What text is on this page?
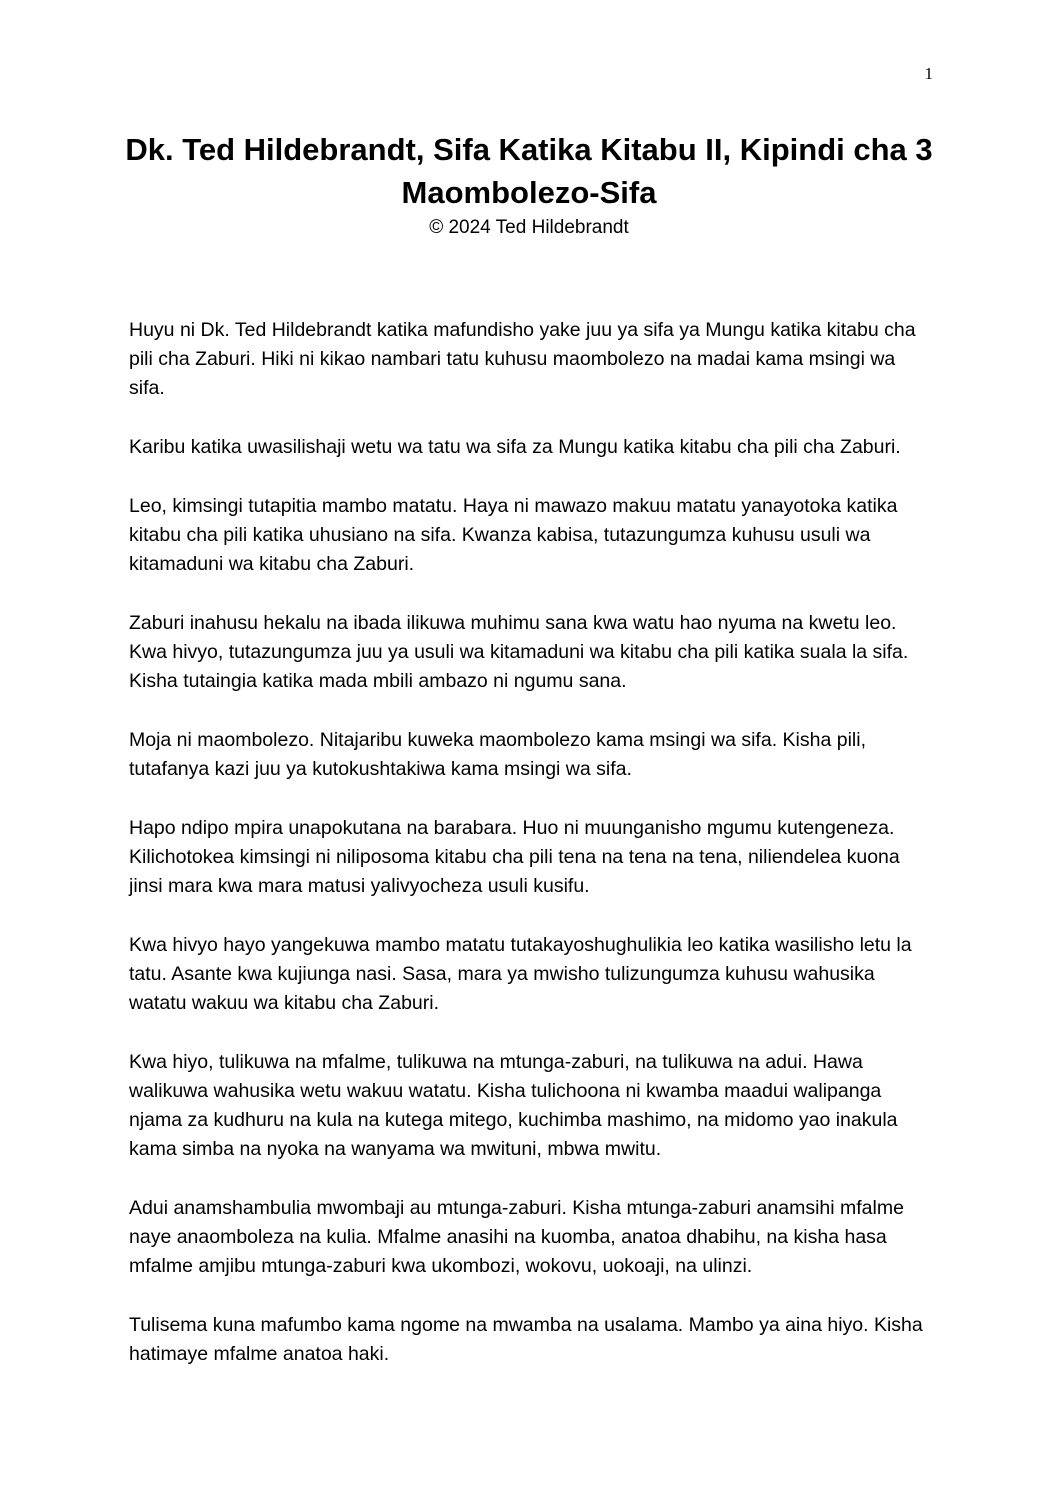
1
Dk. Ted Hildebrandt, Sifa Katika Kitabu II, Kipindi cha 3
Maombolezo-Sifa

© 2024 Ted Hildebrandt

Huyu ni Dk. Ted Hildebrandt katika mafundisho yake juu ya sifa ya Mungu katika kitabu cha pili cha Zaburi. Hiki ni kikao nambari tatu kuhusu maombolezo na madai kama msingi wa sifa.

Karibu katika uwasilishaji wetu wa tatu wa sifa za Mungu katika kitabu cha pili cha Zaburi.

Leo, kimsingi tutapitia mambo matatu. Haya ni mawazo makuu matatu yanayotoka katika kitabu cha pili katika uhusiano na sifa. Kwanza kabisa, tutazungumza kuhusu usuli wa kitamaduni wa kitabu cha Zaburi.

Zaburi inahusu hekalu na ibada ilikuwa muhimu sana kwa watu hao nyuma na kwetu leo. Kwa hivyo, tutazungumza juu ya usuli wa kitamaduni wa kitabu cha pili katika suala la sifa. Kisha tutaingia katika mada mbili ambazo ni ngumu sana.

Moja ni maombolezo. Nitajaribu kuweka maombolezo kama msingi wa sifa. Kisha pili, tutafanya kazi juu ya kutokushtakiwa kama msingi wa sifa.

Hapo ndipo mpira unapokutana na barabara. Huo ni muunganisho mgumu kutengeneza. Kilichotokea kimsingi ni niliposoma kitabu cha pili tena na tena na tena, niliendelea kuona jinsi mara kwa mara matusi yalivyocheza usuli kusifu.

Kwa hivyo hayo yangekuwa mambo matatu tutakayoshughulikia leo katika wasilisho letu la tatu. Asante kwa kujiunga nasi. Sasa, mara ya mwisho tulizungumza kuhusu wahusika watatu wakuu wa kitabu cha Zaburi.

Kwa hiyo, tulikuwa na mfalme, tulikuwa na mtunga-zaburi, na tulikuwa na adui. Hawa walikuwa wahusika wetu wakuu watatu. Kisha tulichoona ni kwamba maadui walipanga njama za kudhuru na kula na kutega mitego, kuchimba mashimo, na midomo yao inakula kama simba na nyoka na wanyama wa mwituni, mbwa mwitu.

Adui anamshambulia mwombaji au mtunga-zaburi. Kisha mtunga-zaburi anamsihi mfalme naye anaomboleza na kulia. Mfalme anasihi na kuomba, anatoa dhabihu, na kisha hasa mfalme amjibu mtunga-zaburi kwa ukombozi, wokovu, uokoaji, na ulinzi.

Tulisema kuna mafumbo kama ngome na mwamba na usalama. Mambo ya aina hiyo. Kisha hatimaye mfalme anatoa haki.
